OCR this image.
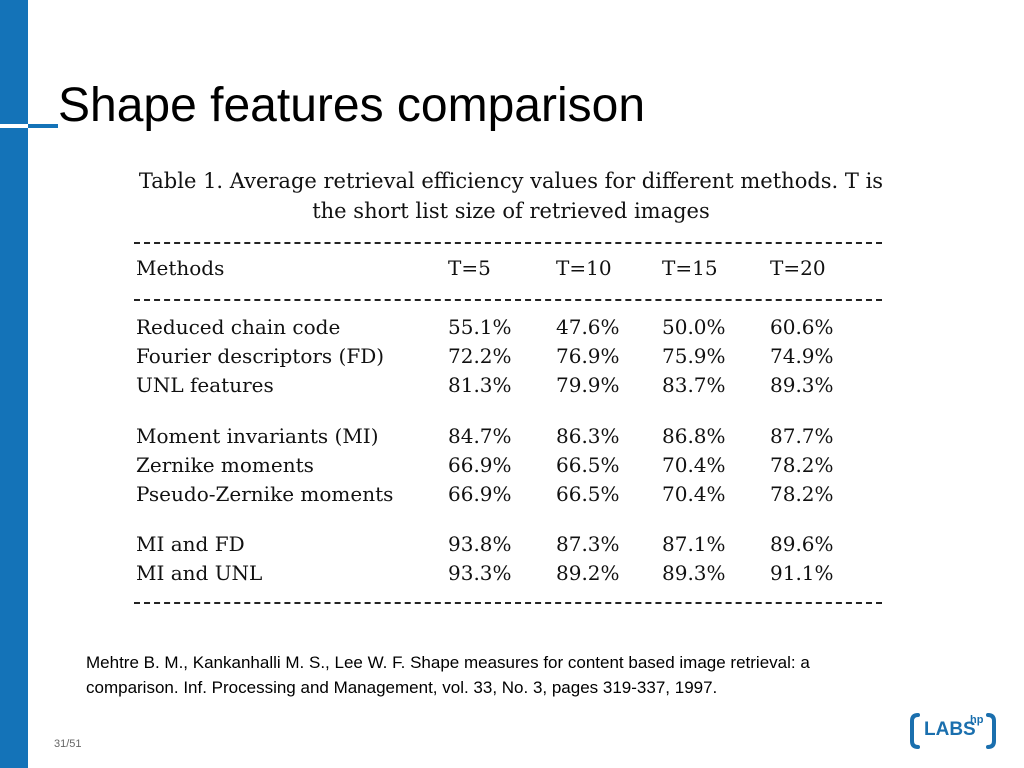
Shape features comparison
Table 1. Average retrieval efficiency values for different methods. T is
the short list size of retrieved images
Methods	T=5	T=10	T=15	T=20
Reduced chain code	55.1%	47.6%	50.0%	60.6%
Fourier descriptors (FD)	72.2%	76.9%	75.9%	74.9%
UNL features	81.3%	79.9%	83.7%	89.3%
Moment invariants (MI)	84.7%	86.3%	86.8%	87.7%
Zernike moments	66.9%	66.5%	70.4%	78.2%
Pseudo-Zernike moments	66.9%	66.5%	70.4%	78.2%
MI and FD	93.8%	87.3%	87.1%	89.6%
MI and UNL	93.3%	89.2%	89.3%	91.1%
Mehtre B. M., Kankanhalli M. S., Lee W. F. Shape measures for content based image retrieval: a
comparison. Inf. Processing and Management, vol. 33, No. 3, pages 319-337, 1997.
31/51
LABS
hp
